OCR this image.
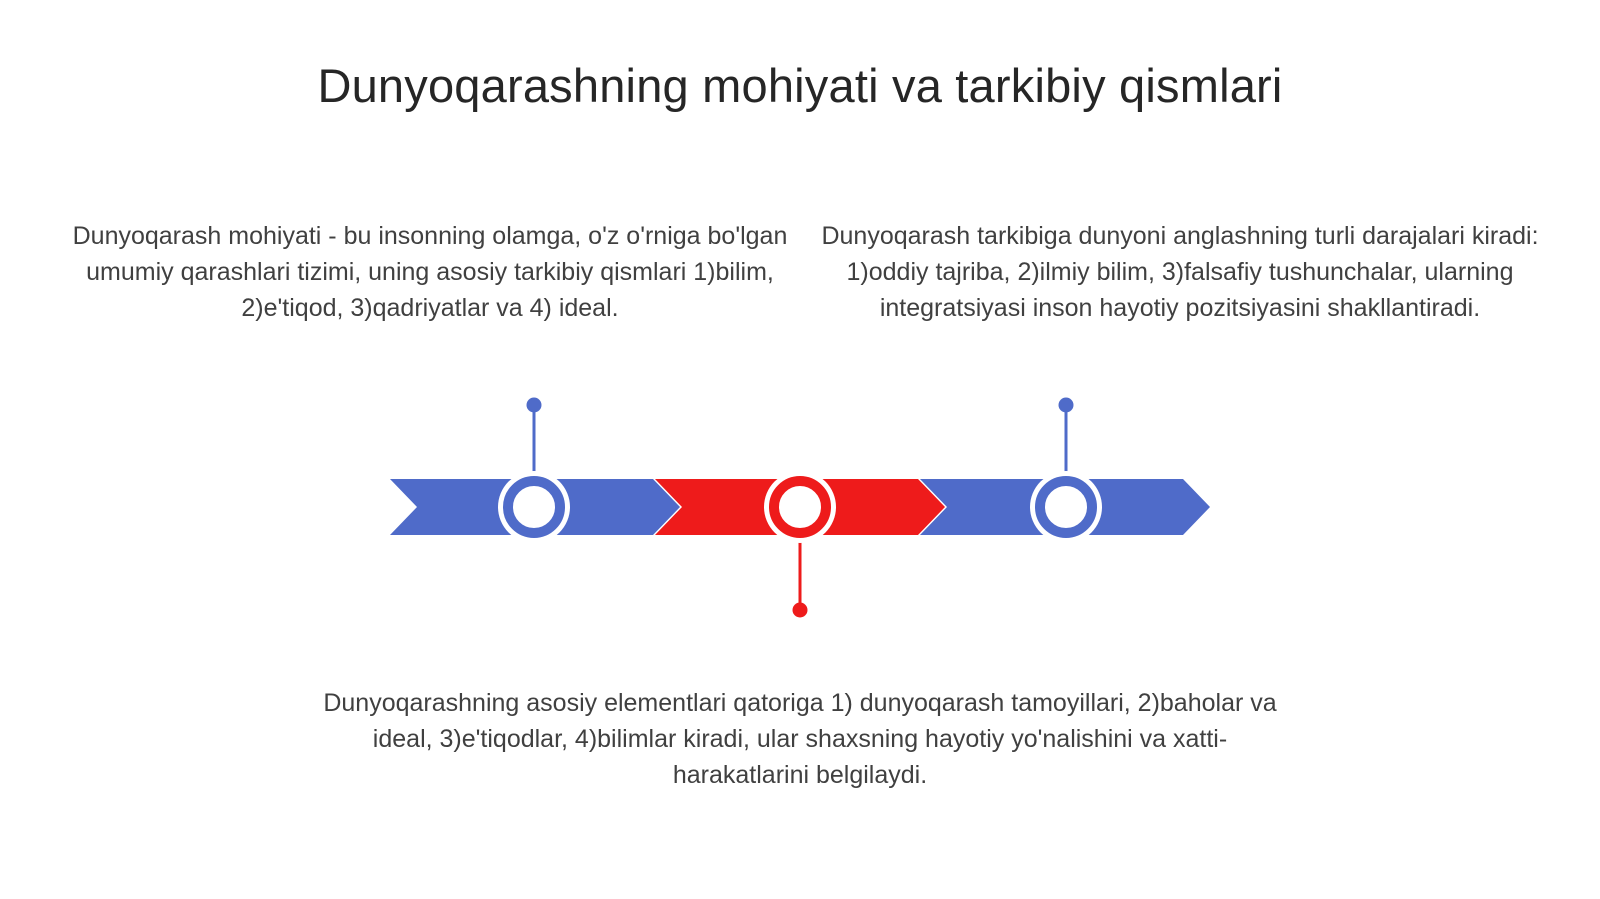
Dunyoqarashning mohiyati va tarkibiy qismlari
Dunyoqarash mohiyati - bu insonning olamga, o'z o'rniga bo'lgan umumiy qarashlari tizimi, uning asosiy tarkibiy qismlari 1)bilim, 2)e'tiqod, 3)qadriyatlar va 4) ideal.
Dunyoqarash tarkibiga dunyoni anglashning turli darajalari kiradi: 1)oddiy tajriba, 2)ilmiy bilim, 3)falsafiy tushunchalar, ularning integratsiyasi inson hayotiy pozitsiyasini shakllantiradi.
Dunyoqarashning asosiy elementlari qatoriga 1) dunyoqarash tamoyillari, 2)baholar va ideal, 3)e'tiqodlar, 4)bilimlar kiradi, ular shaxsning hayotiy yo'nalishini va xatti-harakatlarini belgilaydi.
